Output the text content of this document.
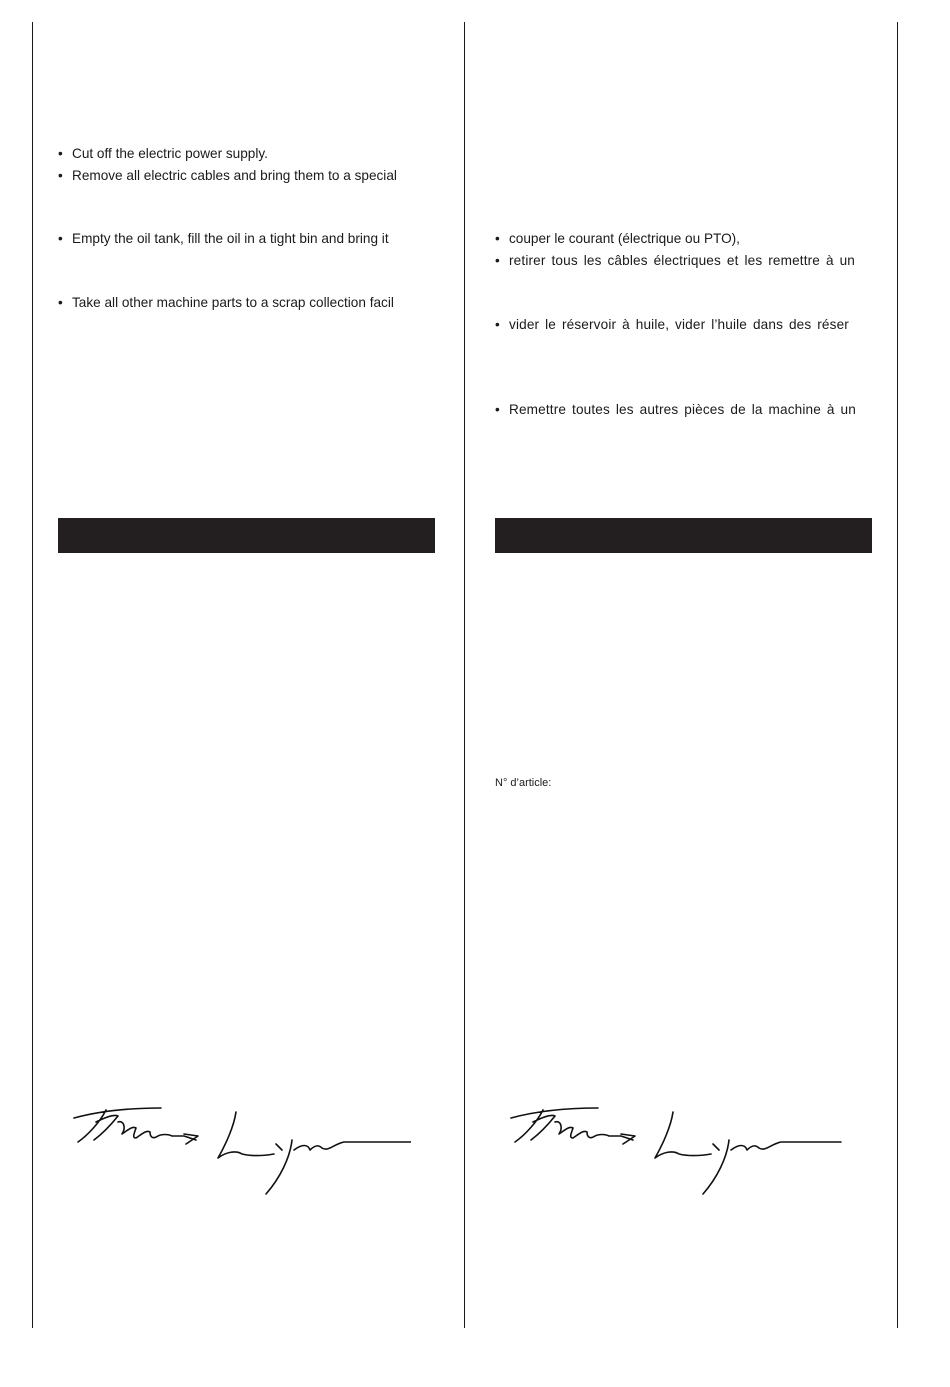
• Cut off the electric power supply.
• Remove all electric cables and bring them to a special
• Empty the oil tank, fill the oil in a tight bin and bring it
• Take all other machine parts to a scrap collection facil
• couper le courant (électrique ou PTO),
• retirer tous les câbles électriques et les remettre à un
• vider le réservoir à huile, vider l’huile dans des réser
• Remettre toutes les autres pièces de la machine à un
N° d’article:
